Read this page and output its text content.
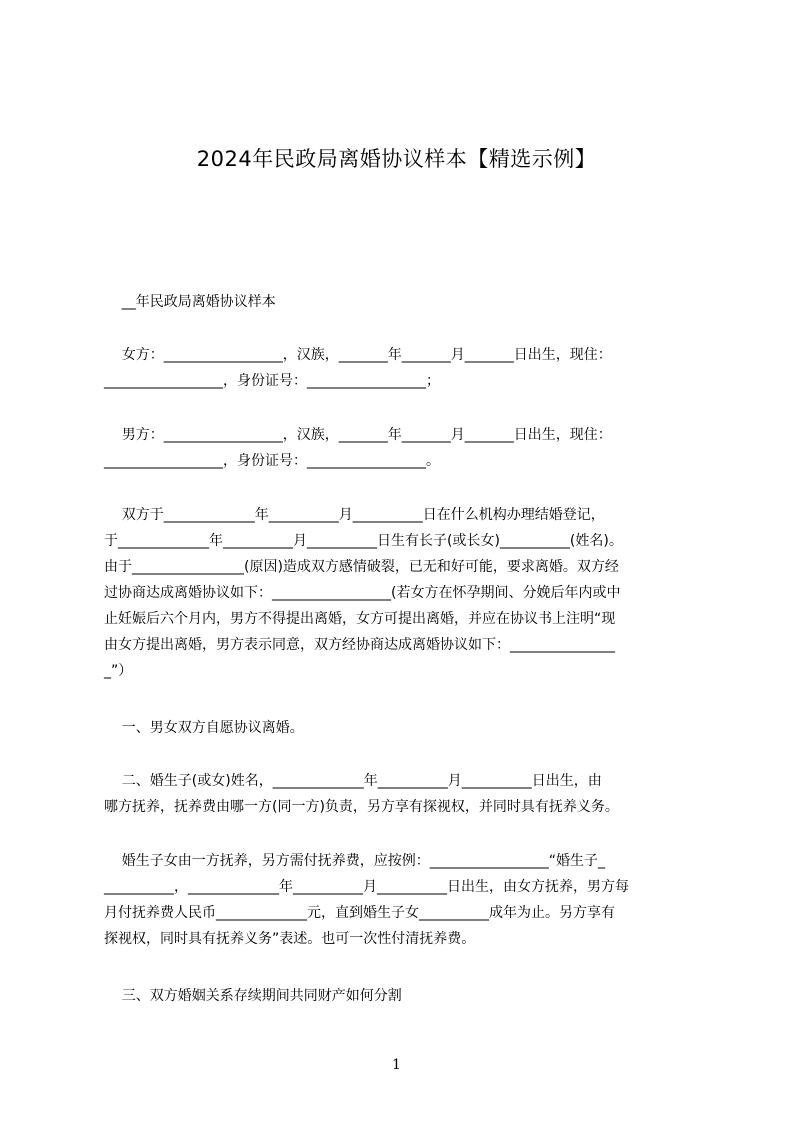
2024年民政局离婚协议样本【精选示例】
__年民政局离婚协议样本
女方：_________________，汉族，_______年_______月_______日出生，现住：
_________________，身份证号：_________________；
男方：_________________，汉族，_______年_______月_______日出生，现住：
_________________，身份证号：_________________。
双方于_____________年__________月__________日在什么机构办理结婚登记，
于_____________年__________月__________日生有长子(或长女)__________(姓名)。
由于________________(原因)造成双方感情破裂，已无和好可能，要求离婚。双方经
过协商达成离婚协议如下：_________________(若女方在怀孕期间、分娩后年内或中
止妊娠后六个月内，男方不得提出离婚，女方可提出离婚，并应在协议书上注明“现
由女方提出离婚，男方表示同意，双方经协商达成离婚协议如下：_______________
_”）
一、男女双方自愿协议离婚。
二、婚生子(或女)姓名，_____________年__________月__________日出生，由
哪方抚养，抚养费由哪一方(同一方)负责，另方享有探视权，并同时具有抚养义务。
婚生子女由一方抚养，另方需付抚养费，应按例：_________________“婚生子_
__________，_____________年__________月__________日出生，由女方抚养，男方每
月付抚养费人民币_____________元，直到婚生子女__________成年为止。另方享有
探视权，同时具有抚养义务”表述。也可一次性付清抚养费。
三、双方婚姻关系存续期间共同财产如何分割
1
